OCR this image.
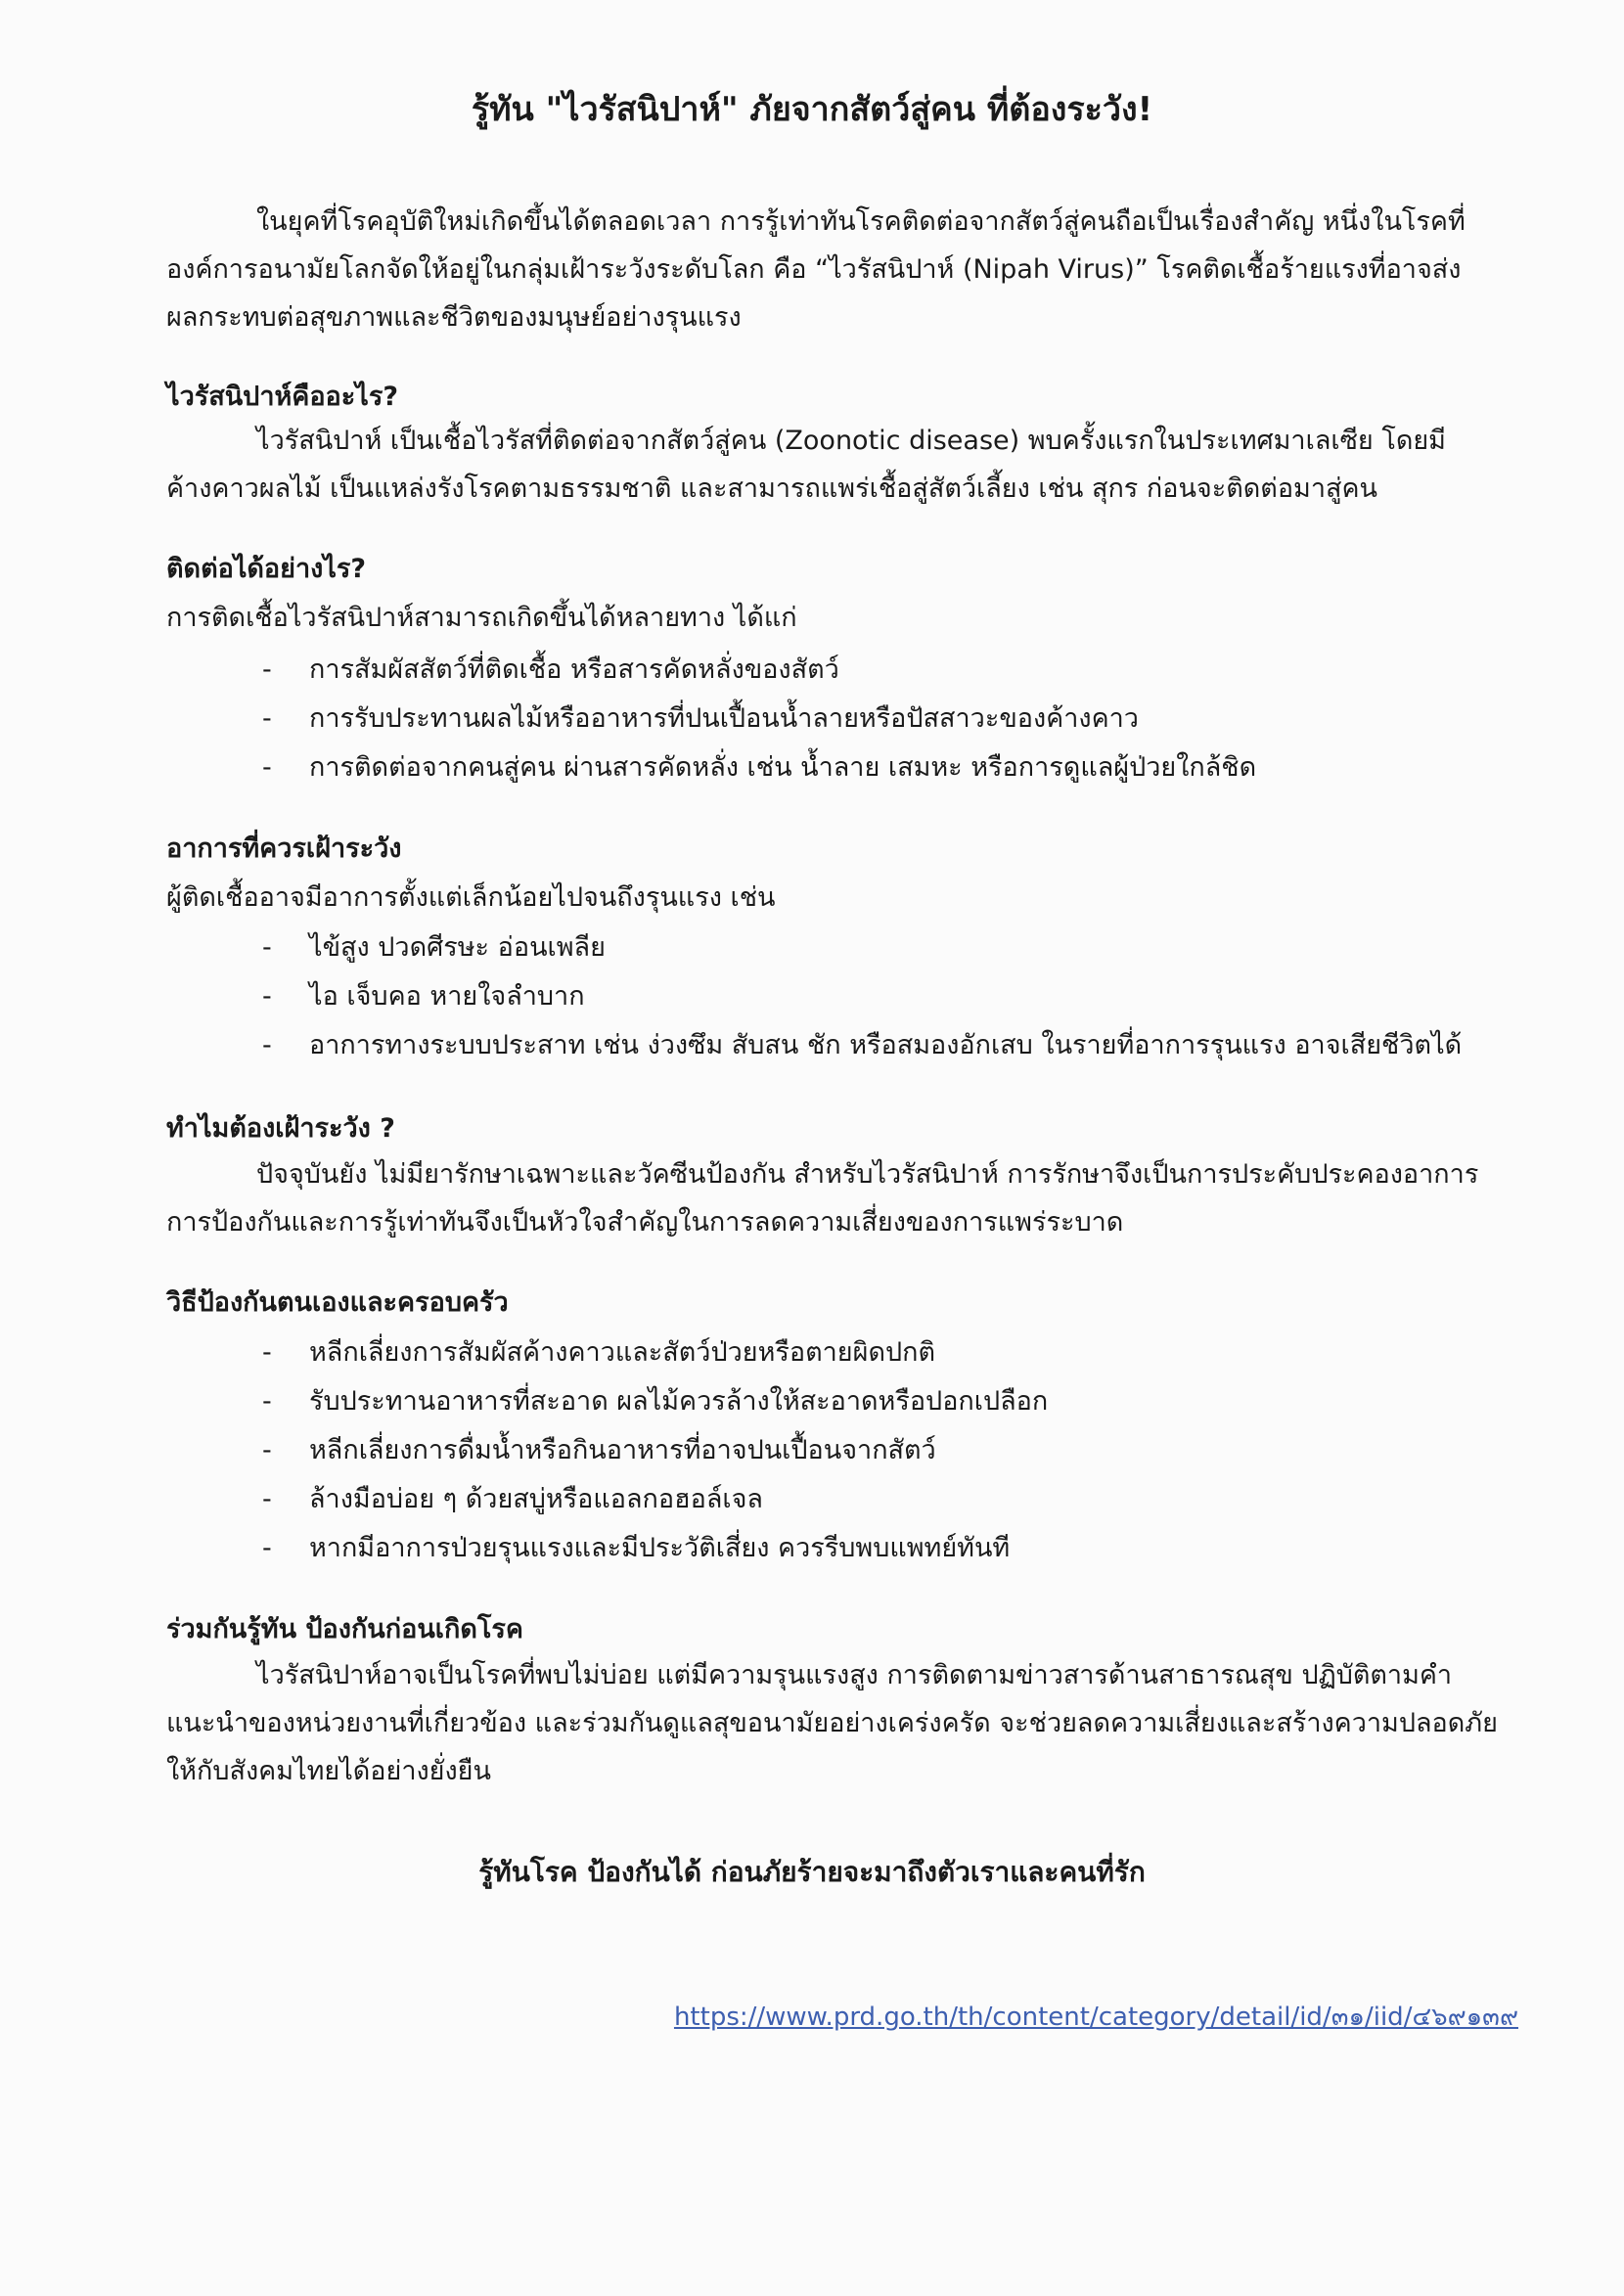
รู้ทัน "ไวรัสนิปาห์" ภัยจากสัตว์สู่คน ที่ต้องระวัง!

ในยุคที่โรคอุบัติใหม่เกิดขึ้นได้ตลอดเวลา การรู้เท่าทันโรคติดต่อจากสัตว์สู่คนถือเป็นเรื่องสำคัญ หนึ่งในโรคที่องค์การอนามัยโลกจัดให้อยู่ในกลุ่มเฝ้าระวังระดับโลก คือ “ไวรัสนิปาห์ (Nipah Virus)” โรคติดเชื้อร้ายแรงที่อาจส่งผลกระทบต่อสุขภาพและชีวิตของมนุษย์อย่างรุนแรง

ไวรัสนิปาห์คืออะไร?

ไวรัสนิปาห์ เป็นเชื้อไวรัสที่ติดต่อจากสัตว์สู่คน (Zoonotic disease) พบครั้งแรกในประเทศมาเลเซีย โดยมีค้างคาวผลไม้ เป็นแหล่งรังโรคตามธรรมชาติ และสามารถแพร่เชื้อสู่สัตว์เลี้ยง เช่น สุกร ก่อนจะติดต่อมาสู่คน

ติดต่อได้อย่างไร?

การติดเชื้อไวรัสนิปาห์สามารถเกิดขึ้นได้หลายทาง ได้แก่

- การสัมผัสสัตว์ที่ติดเชื้อ หรือสารคัดหลั่งของสัตว์
- การรับประทานผลไม้หรืออาหารที่ปนเปื้อนน้ำลายหรือปัสสาวะของค้างคาว
- การติดต่อจากคนสู่คน ผ่านสารคัดหลั่ง เช่น น้ำลาย เสมหะ หรือการดูแลผู้ป่วยใกล้ชิด

อาการที่ควรเฝ้าระวัง

ผู้ติดเชื้ออาจมีอาการตั้งแต่เล็กน้อยไปจนถึงรุนแรง เช่น

- ไข้สูง ปวดศีรษะ อ่อนเพลีย
- ไอ เจ็บคอ หายใจลำบาก
- อาการทางระบบประสาท เช่น ง่วงซึม สับสน ชัก หรือสมองอักเสบ ในรายที่อาการรุนแรง อาจเสียชีวิตได้

ทำไมต้องเฝ้าระวัง ?

ปัจจุบันยัง ไม่มียารักษาเฉพาะและวัคซีนป้องกัน สำหรับไวรัสนิปาห์ การรักษาจึงเป็นการประคับประคองอาการการป้องกันและการรู้เท่าทันจึงเป็นหัวใจสำคัญในการลดความเสี่ยงของการแพร่ระบาด

วิธีป้องกันตนเองและครอบครัว

- หลีกเลี่ยงการสัมผัสค้างคาวและสัตว์ป่วยหรือตายผิดปกติ
- รับประทานอาหารที่สะอาด ผลไม้ควรล้างให้สะอาดหรือปอกเปลือก
- หลีกเลี่ยงการดื่มน้ำหรือกินอาหารที่อาจปนเปื้อนจากสัตว์
- ล้างมือบ่อย ๆ ด้วยสบู่หรือแอลกอฮอล์เจล
- หากมีอาการป่วยรุนแรงและมีประวัติเสี่ยง ควรรีบพบแพทย์ทันที

ร่วมกันรู้ทัน ป้องกันก่อนเกิดโรค

ไวรัสนิปาห์อาจเป็นโรคที่พบไม่บ่อย แต่มีความรุนแรงสูง การติดตามข่าวสารด้านสาธารณสุข ปฏิบัติตามคำแนะนำของหน่วยงานที่เกี่ยวข้อง และร่วมกันดูแลสุขอนามัยอย่างเคร่งครัด จะช่วยลดความเสี่ยงและสร้างความปลอดภัยให้กับสังคมไทยได้อย่างยั่งยืน

รู้ทันโรค ป้องกันได้ ก่อนภัยร้ายจะมาถึงตัวเราและคนที่รัก
https://www.prd.go.th/th/content/category/detail/id/๓๑/iid/๔๖๙๑๓๙
